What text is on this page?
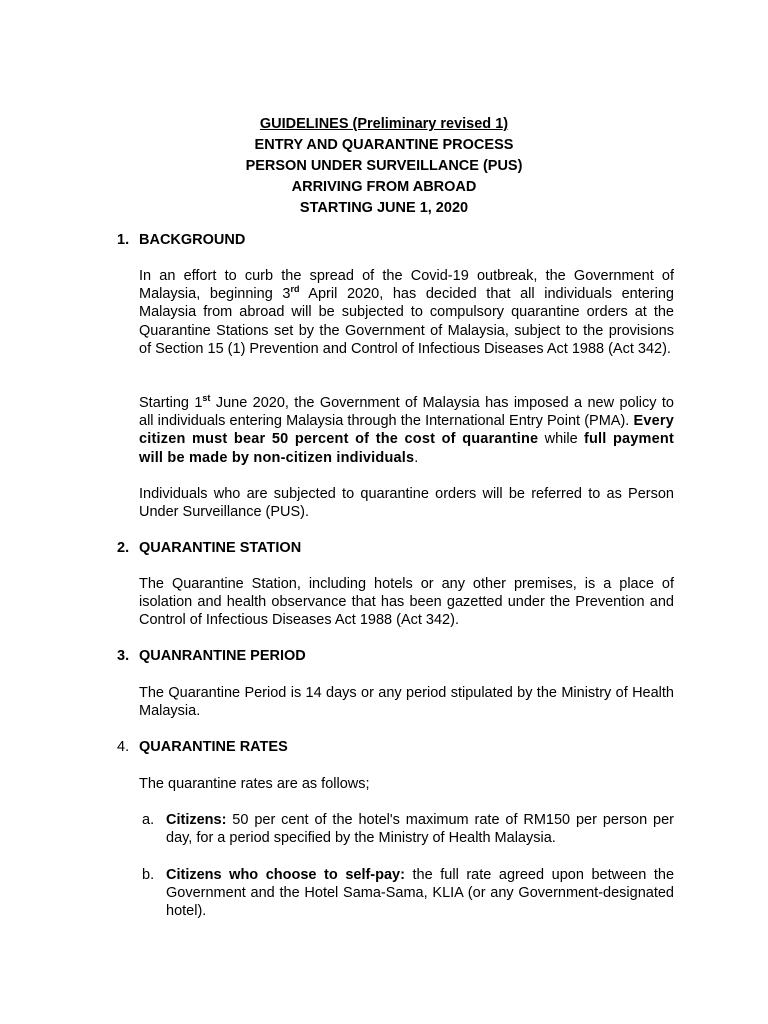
GUIDELINES (Preliminary revised 1)
ENTRY AND QUARANTINE PROCESS
PERSON UNDER SURVEILLANCE (PUS)
ARRIVING FROM ABROAD
STARTING JUNE 1, 2020
1. BACKGROUND

In an effort to curb the spread of the Covid-19 outbreak, the Government of Malaysia, beginning 3rd April 2020, has decided that all individuals entering Malaysia from abroad will be subjected to compulsory quarantine orders at the Quarantine Stations set by the Government of Malaysia, subject to the provisions of Section 15 (1) Prevention and Control of Infectious Diseases Act 1988 (Act 342).

Starting 1st June 2020, the Government of Malaysia has imposed a new policy to all individuals entering Malaysia through the International Entry Point (PMA). Every citizen must bear 50 percent of the cost of quarantine while full payment will be made by non-citizen individuals.

Individuals who are subjected to quarantine orders will be referred to as Person Under Surveillance (PUS).

2. QUARANTINE STATION

The Quarantine Station, including hotels or any other premises, is a place of isolation and health observance that has been gazetted under the Prevention and Control of Infectious Diseases Act 1988 (Act 342).

3. QUANRANTINE PERIOD

The Quarantine Period is 14 days or any period stipulated by the Ministry of Health Malaysia.

4. QUARANTINE RATES

The quarantine rates are as follows;

a. Citizens: 50 per cent of the hotel's maximum rate of RM150 per person per day, for a period specified by the Ministry of Health Malaysia.
b. Citizens who choose to self-pay: the full rate agreed upon between the Government and the Hotel Sama-Sama, KLIA (or any Government-designated hotel).
